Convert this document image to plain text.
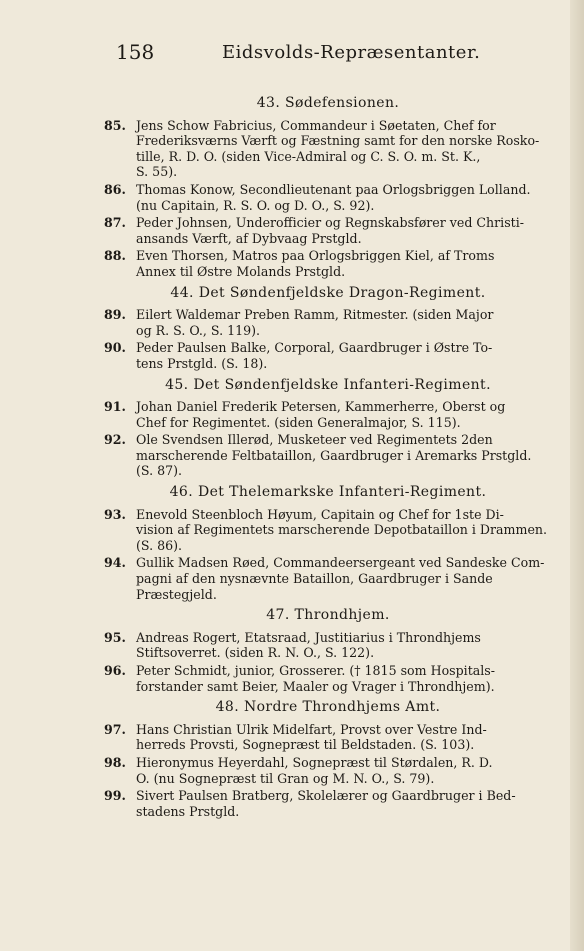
158	Eidsvolds-Repræsentanter.
43. Sødefensionen.
85. Jens Schow Fabricius, Commandeur i Søetaten, Chef for
Frederiksværns Værft og Fæstning samt for den norske Rosko-
tille, R. D. O. (siden Vice-Admiral og C. S. O. m. St. K.,
S. 55).
86. Thomas Konow, Secondlieutenant paa Orlogsbriggen Lolland.
(nu Capitain, R. S. O. og D. O., S. 92).
87. Peder Johnsen, Underofficier og Regnskabsfører ved Christi-
ansands Værft, af Dybvaag Prstgld.
88. Even Thorsen, Matros paa Orlogsbriggen Kiel, af Troms
Annex til Østre Molands Prstgld.
44. Det Søndenfjeldske Dragon-Regiment.
89. Eilert Waldemar Preben Ramm, Ritmester. (siden Major
og R. S. O., S. 119).
90. Peder Paulsen Balke, Corporal, Gaardbruger i Østre To-
tens Prstgld. (S. 18).
45. Det Søndenfjeldske Infanteri-Regiment.
91. Johan Daniel Frederik Petersen, Kammerherre, Oberst og
Chef for Regimentet. (siden Generalmajor, S. 115).
92. Ole Svendsen Illerød, Musketeer ved Regimentets 2den
marscherende Feltbataillon, Gaardbruger i Aremarks Prstgld.
(S. 87).
46. Det Thelemarkske Infanteri-Regiment.
93. Enevold Steenbloch Høyum, Capitain og Chef for 1ste Di-
vision af Regimentets marscherende Depotbataillon i Drammen.
(S. 86).
94. Gullik Madsen Røed, Commandeersergeant ved Sandeske Com-
pagni af den nysnævnte Bataillon, Gaardbruger i Sande
Præstegjeld.
47. Throndhjem.
95. Andreas Rogert, Etatsraad, Justitiarius i Throndhjems
Stiftsoverret. (siden R. N. O., S. 122).
96. Peter Schmidt, junior, Grosserer. († 1815 som Hospitals-
forstander samt Beier, Maaler og Vrager i Throndhjem).
48. Nordre Throndhjems Amt.
97. Hans Christian Ulrik Midelfart, Provst over Vestre Ind-
herreds Provsti, Sognepræst til Beldstaden. (S. 103).
98. Hieronymus Heyerdahl, Sognepræst til Størdalen, R. D.
O. (nu Sognepræst til Gran og M. N. O., S. 79).
99. Sivert Paulsen Bratberg, Skolelærer og Gaardbruger i Bed-
stadens Prstgld.
